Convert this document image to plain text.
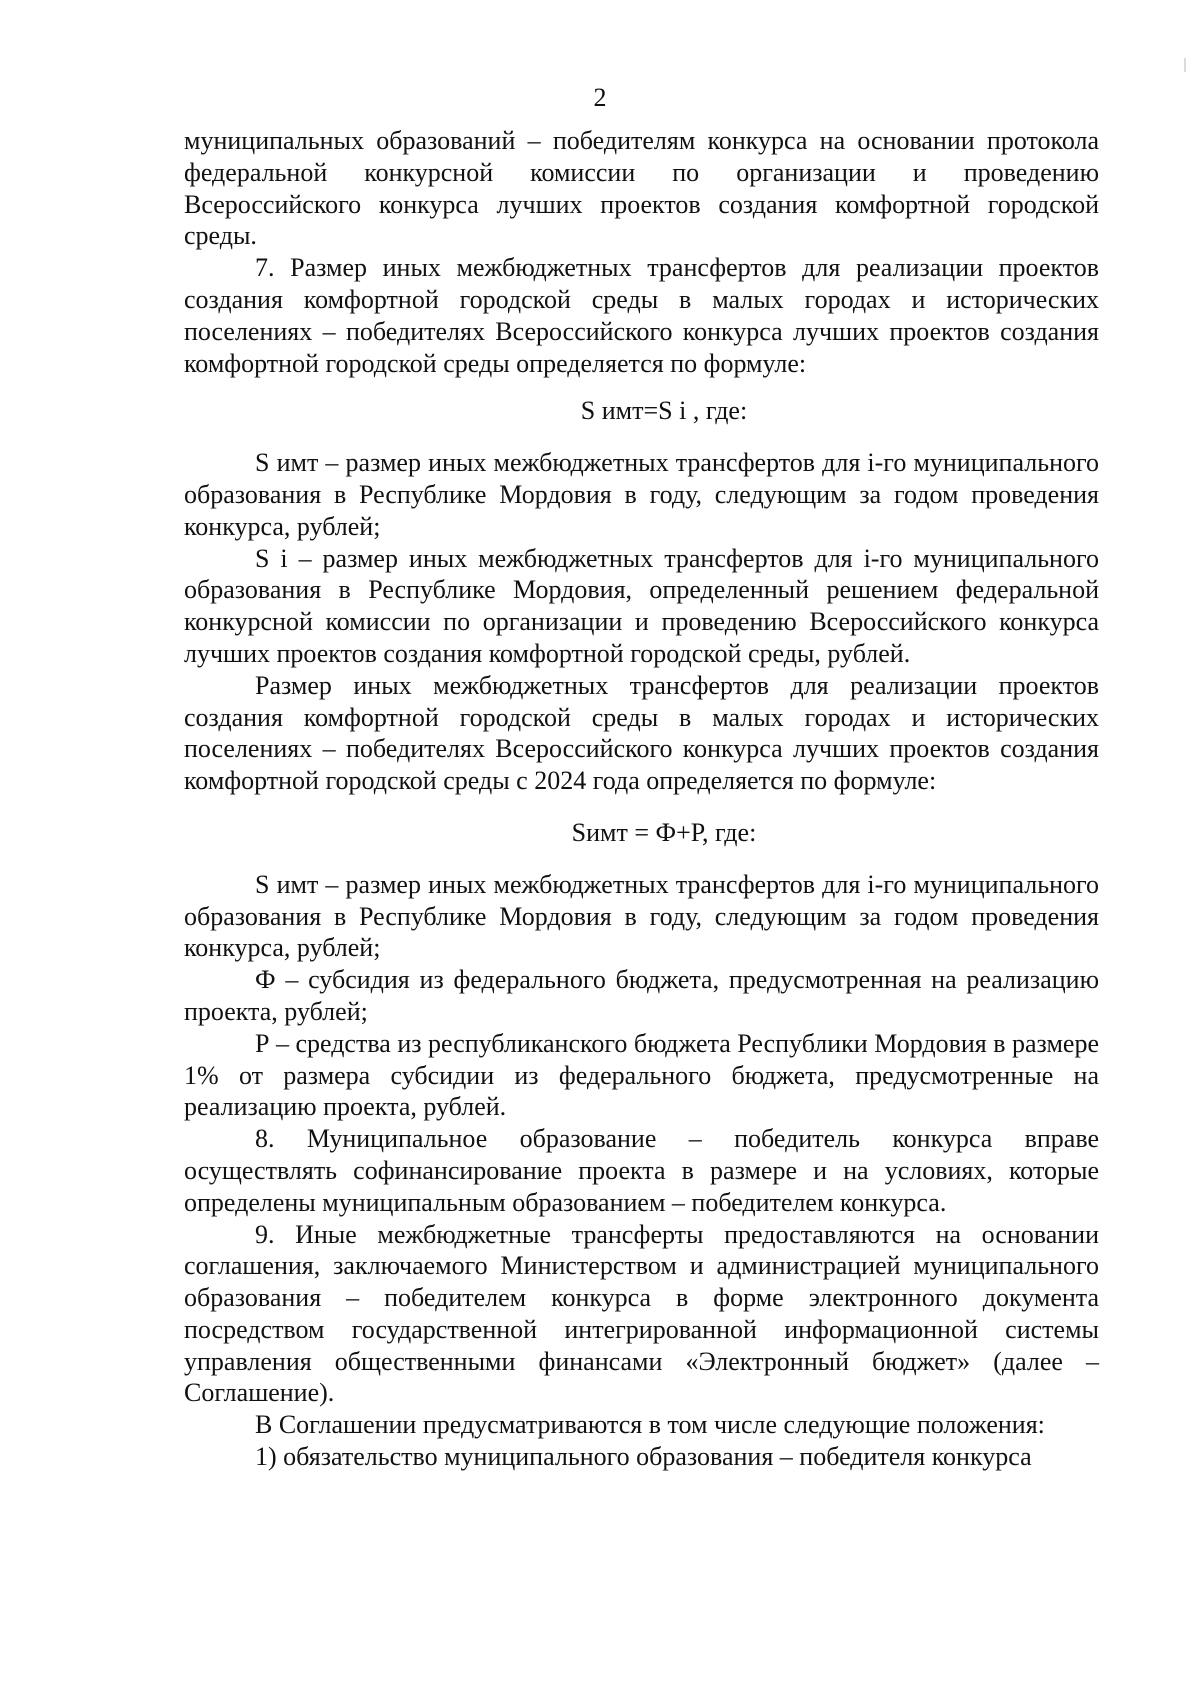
2

муниципальных образований – победителям конкурса на основании протокола федеральной конкурсной комиссии по организации и проведению Всероссийского конкурса лучших проектов создания комфортной городской среды.

7. Размер иных межбюджетных трансфертов для реализации проектов создания комфортной городской среды в малых городах и исторических поселениях – победителях Всероссийского конкурса лучших проектов создания комфортной городской среды определяется по формуле:

S имт=S i , где:

S имт – размер иных межбюджетных трансфертов для i-го муниципального образования в Республике Мордовия в году, следующим за годом проведения конкурса, рублей;

S i – размер иных межбюджетных трансфертов для i-го муниципального образования в Республике Мордовия, определенный решением федеральной конкурсной комиссии по организации и проведению Всероссийского конкурса лучших проектов создания комфортной городской среды, рублей.

Размер иных межбюджетных трансфертов для реализации проектов создания комфортной городской среды в малых городах и исторических поселениях – победителях Всероссийского конкурса лучших проектов создания комфортной городской среды с 2024 года определяется по формуле:

Sимт = Ф+Р, где:

S имт – размер иных межбюджетных трансфертов для i-го муниципального образования в Республике Мордовия в году, следующим за годом проведения конкурса, рублей;

Ф – субсидия из федерального бюджета, предусмотренная на реализацию проекта, рублей;

Р – средства из республиканского бюджета Республики Мордовия в размере 1% от размера субсидии из федерального бюджета, предусмотренные на реализацию проекта, рублей.

8. Муниципальное образование – победитель конкурса вправе осуществлять софинансирование проекта в размере и на условиях, которые определены муниципальным образованием – победителем конкурса.

9. Иные межбюджетные трансферты предоставляются на основании соглашения, заключаемого Министерством и администрацией муниципального образования – победителем конкурса в форме электронного документа посредством государственной интегрированной информационной системы управления общественными финансами «Электронный бюджет» (далее – Соглашение).

В Соглашении предусматриваются в том числе следующие положения:

1) обязательство муниципального образования – победителя конкурса
